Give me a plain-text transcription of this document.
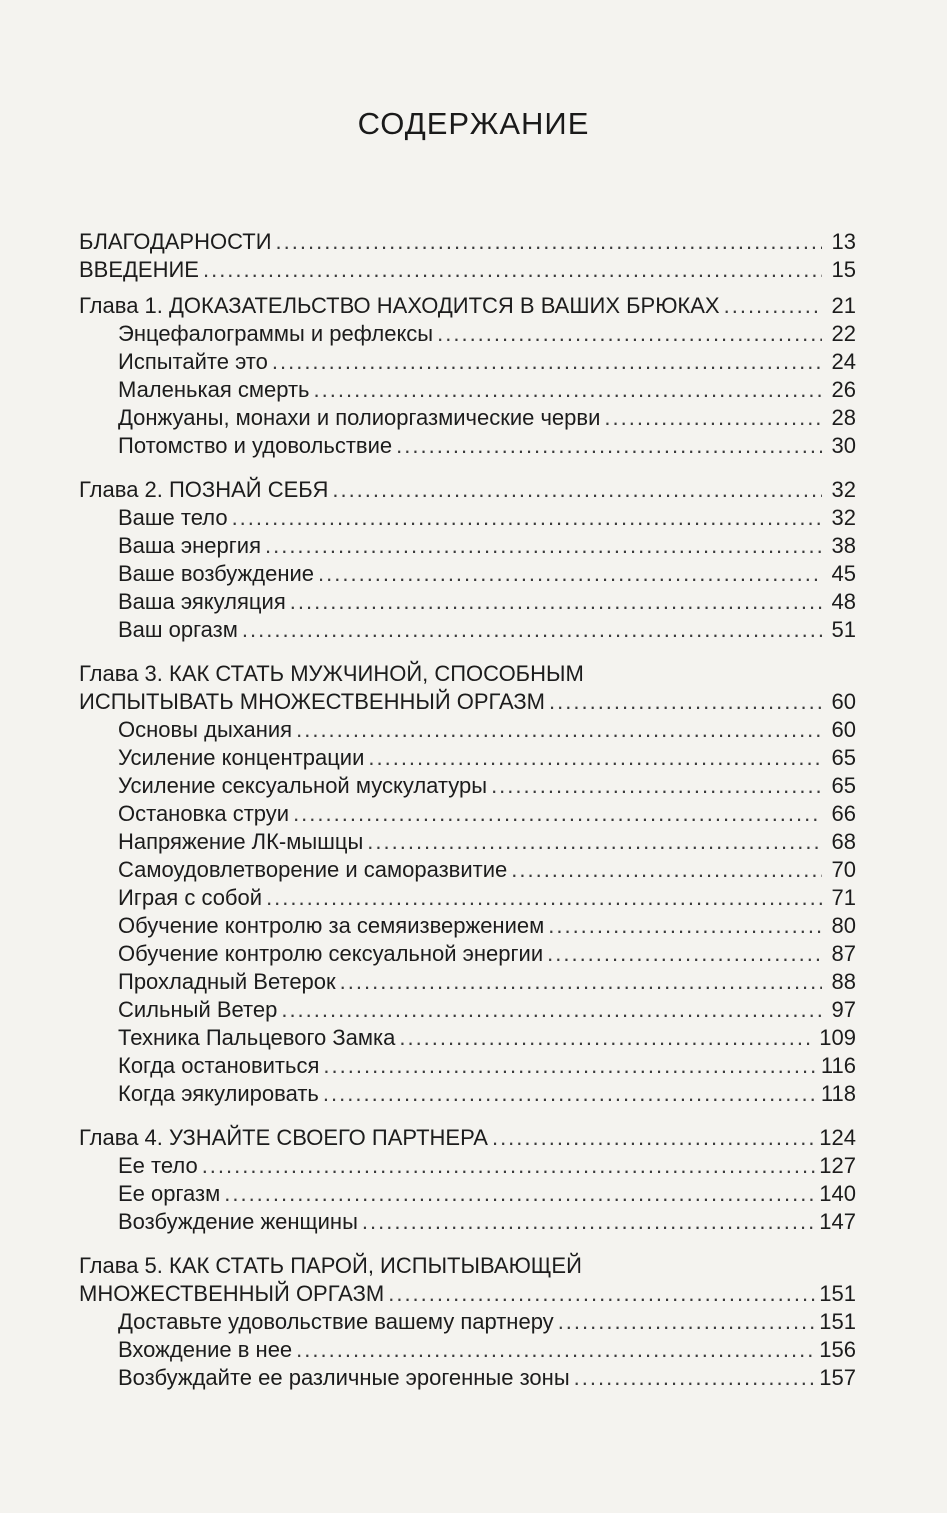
СОДЕРЖАНИЕ
БЛАГОДАРНОСТИ .....	13
ВВЕДЕНИЕ .....	15
Глава 1. ДОКАЗАТЕЛЬСТВО НАХОДИТСЯ В ВАШИХ БРЮКАХ .....	21
Энцефалограммы и рефлексы .....	22
Испытайте это .....	24
Маленькая смерть .....	26
Донжуаны, монахи и полиоргазмические черви .....	28
Потомство и удовольствие .....	30
Глава 2. ПОЗНАЙ СЕБЯ .....	32
Ваше тело .....	32
Ваша энергия .....	38
Ваше возбуждение .....	45
Ваша эякуляция .....	48
Ваш оргазм .....	51
Глава 3. КАК СТАТЬ МУЖЧИНОЙ, СПОСОБНЫМ
ИСПЫТЫВАТЬ МНОЖЕСТВЕННЫЙ ОРГАЗМ .....	60
Основы дыхания .....	60
Усиление концентрации .....	65
Усиление сексуальной мускулатуры .....	65
Остановка струи .....	66
Напряжение ЛК-мышцы .....	68
Самоудовлетворение и саморазвитие .....	70
Играя с собой .....	71
Обучение контролю за семяизвержением .....	80
Обучение контролю сексуальной энергии .....	87
Прохладный Ветерок .....	88
Сильный Ветер .....	97
Техника Пальцевого Замка .....	109
Когда остановиться .....	116
Когда эякулировать .....	118
Глава 4. УЗНАЙТЕ СВОЕГО ПАРТНЕРА .....	124
Ее тело .....	127
Ее оргазм .....	140
Возбуждение женщины .....	147
Глава 5. КАК СТАТЬ ПАРОЙ, ИСПЫТЫВАЮЩЕЙ
МНОЖЕСТВЕННЫЙ ОРГАЗМ .....	151
Доставьте удовольствие вашему партнеру .....	151
Вхождение в нее .....	156
Возбуждайте ее различные эрогенные зоны .....	157
